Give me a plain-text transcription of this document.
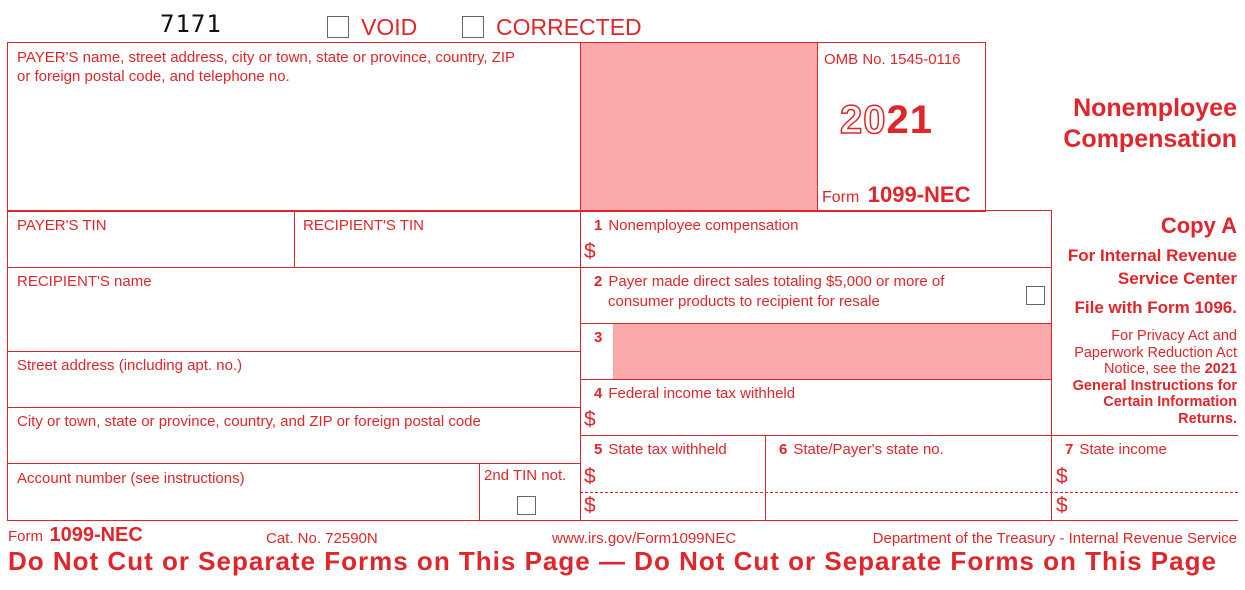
7171	VOID	CORRECTED
PAYER'S name, street address, city or town, state or province, country, ZIP
or foreign postal code, and telephone no.
OMB No. 1545-0116
2021
Form 1099-NEC
Nonemployee
Compensation
PAYER'S TIN	RECIPIENT'S TIN
RECIPIENT'S name
Street address (including apt. no.)
City or town, state or province, country, and ZIP or foreign postal code
Account number (see instructions)	2nd TIN not.
1 Nonemployee compensation
$
2 Payer made direct sales totaling $5,000 or more of
consumer products to recipient for resale
3
4 Federal income tax withheld
$
5 State tax withheld
$
$
6 State/Payer's state no.	7 State income
$
$
Copy A
For Internal Revenue
Service Center
File with Form 1096.
For Privacy Act and
Paperwork Reduction Act
Notice, see the 2021
General Instructions for
Certain Information
Returns.
Form 1099-NEC	Cat. No. 72590N	www.irs.gov/Form1099NEC	Department of the Treasury - Internal Revenue Service
Do Not Cut or Separate Forms on This Page — Do Not Cut or Separate Forms on This Page
